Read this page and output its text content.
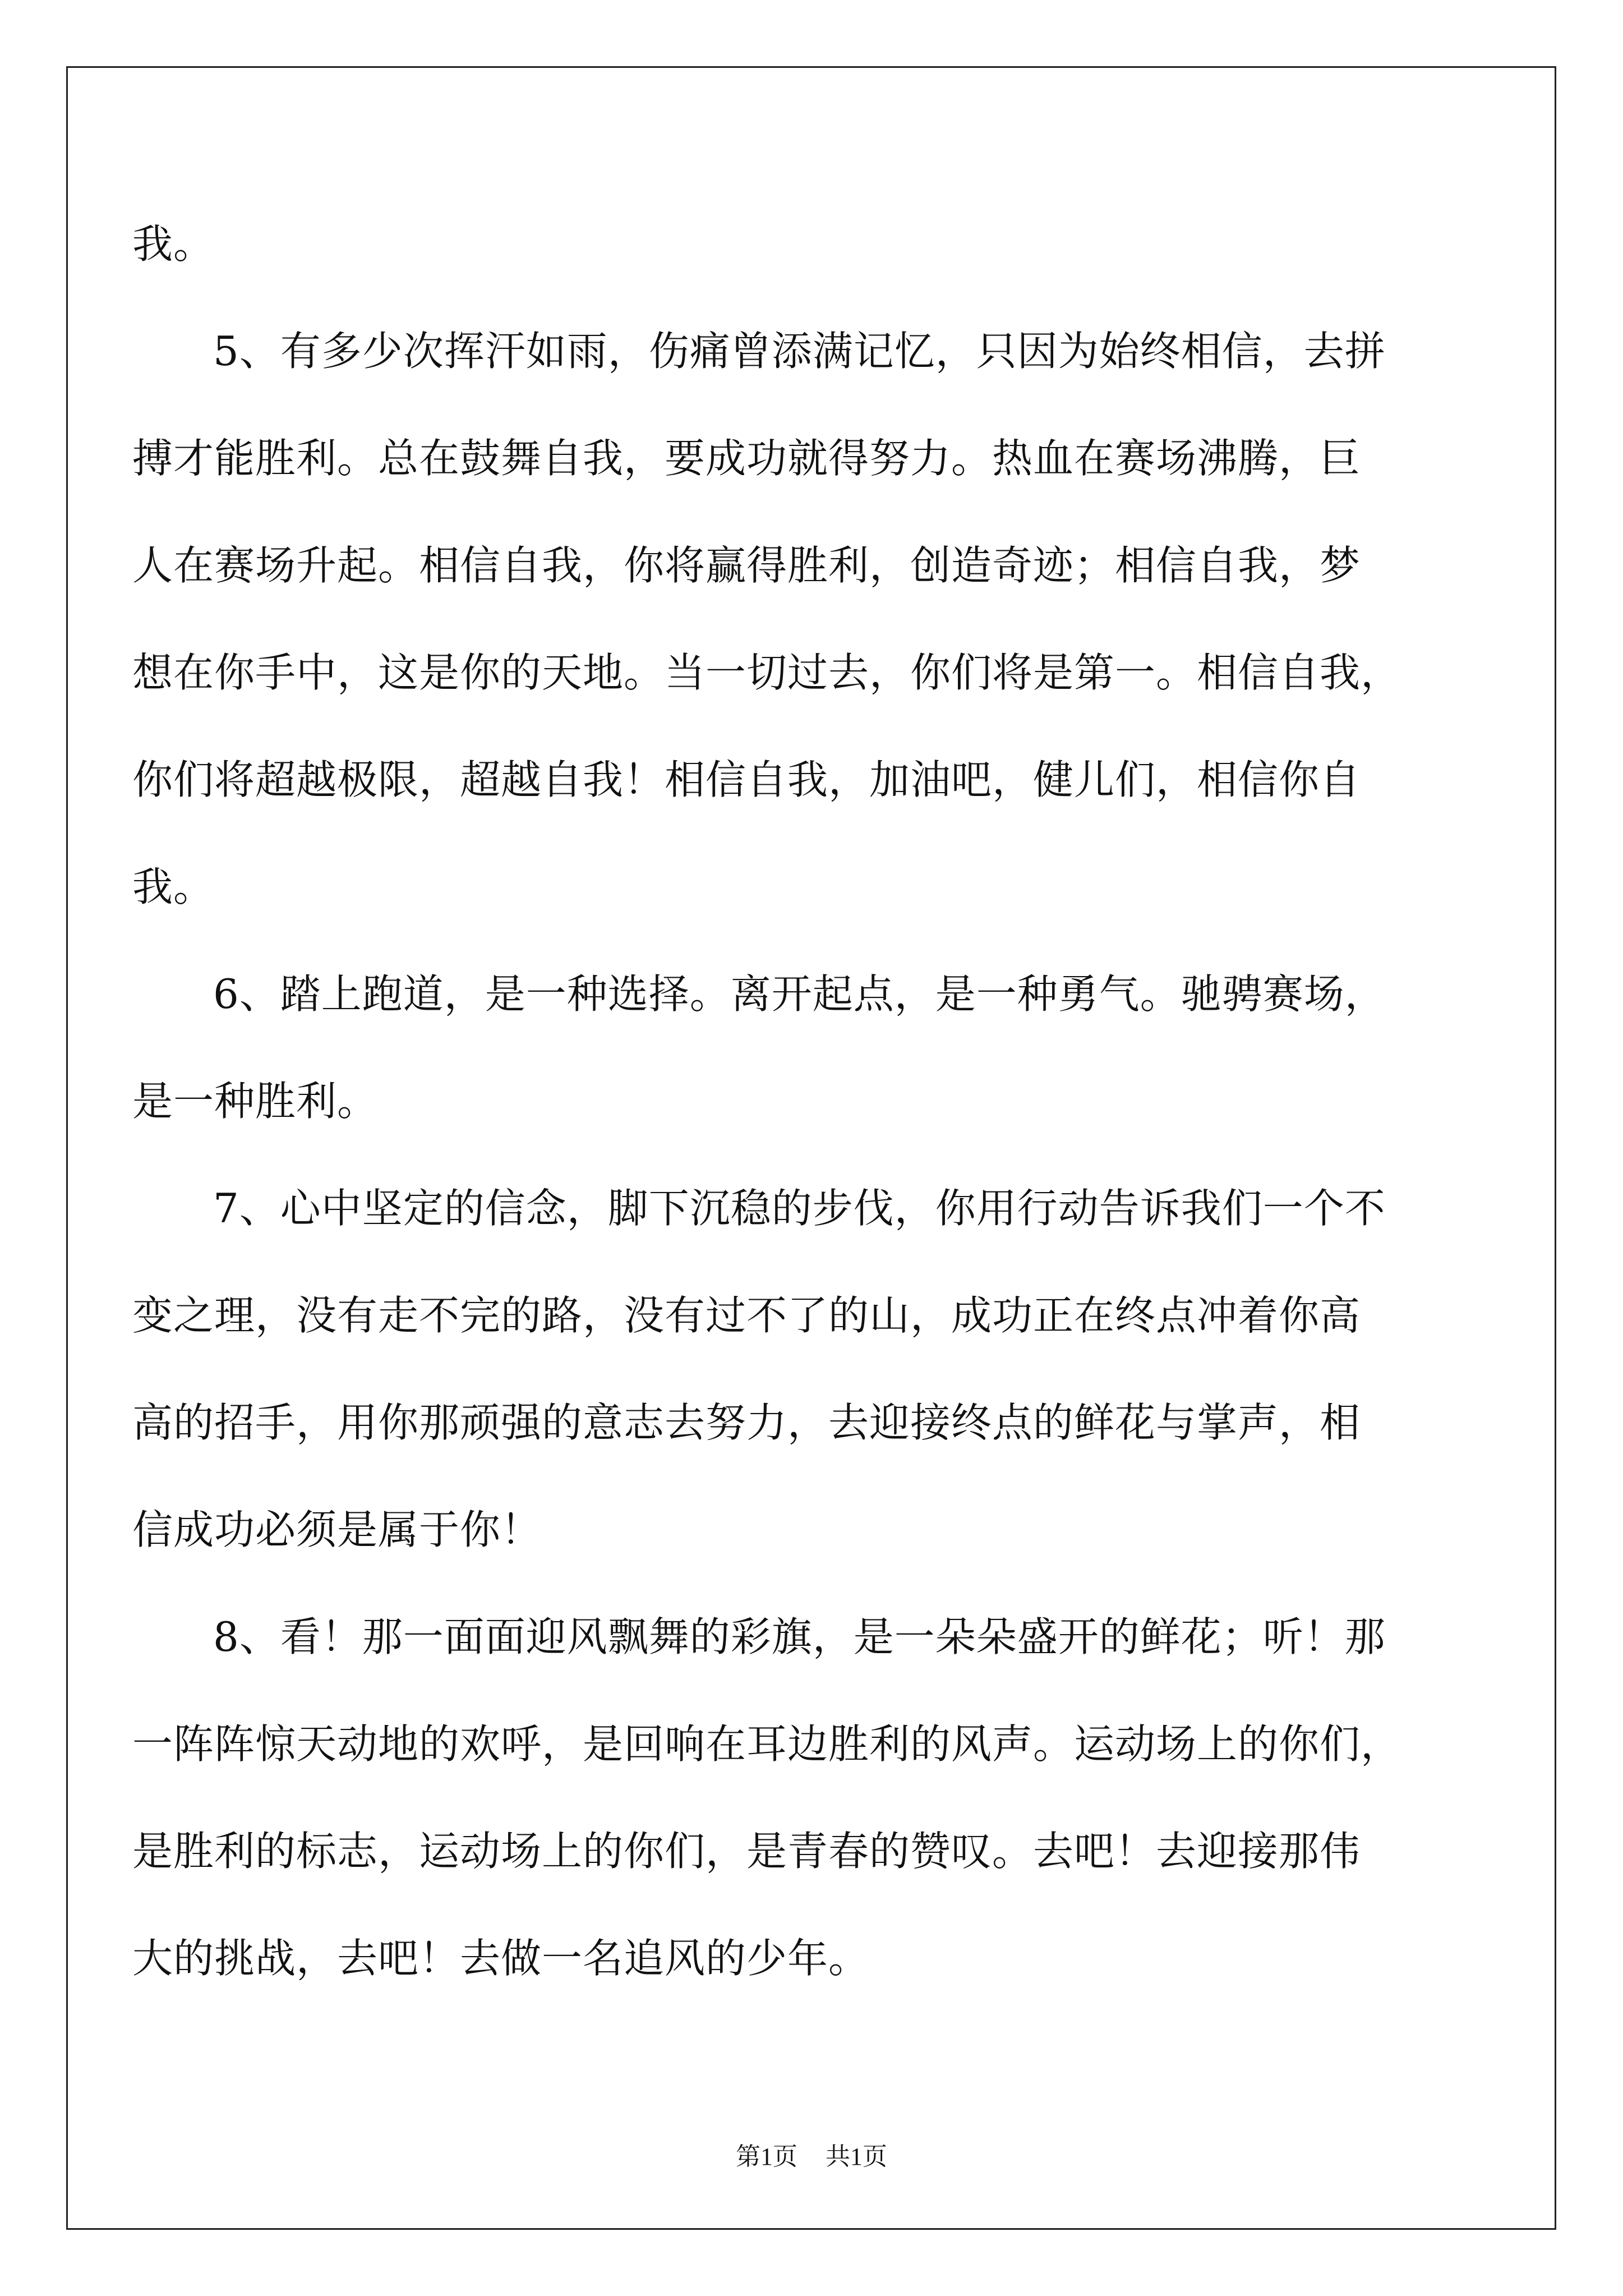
我。
5、有多少次挥汗如雨，伤痛曾添满记忆，只因为始终相信，去拼
搏才能胜利。总在鼓舞自我，要成功就得努力。热血在赛场沸腾，巨
人在赛场升起。相信自我，你将赢得胜利，创造奇迹；相信自我，梦
想在你手中，这是你的天地。当一切过去，你们将是第一。相信自我，
你们将超越极限，超越自我！相信自我，加油吧，健儿们，相信你自
我。
6、踏上跑道，是一种选择。离开起点，是一种勇气。驰骋赛场，
是一种胜利。
7、心中坚定的信念，脚下沉稳的步伐，你用行动告诉我们一个不
变之理，没有走不完的路，没有过不了的山，成功正在终点冲着你高
高的招手，用你那顽强的意志去努力，去迎接终点的鲜花与掌声，相
信成功必须是属于你！
8、看！那一面面迎风飘舞的彩旗，是一朵朵盛开的鲜花；听！那
一阵阵惊天动地的欢呼，是回响在耳边胜利的风声。运动场上的你们，
是胜利的标志，运动场上的你们，是青春的赞叹。去吧！去迎接那伟
大的挑战，去吧！去做一名追风的少年。
第1页 共1页
